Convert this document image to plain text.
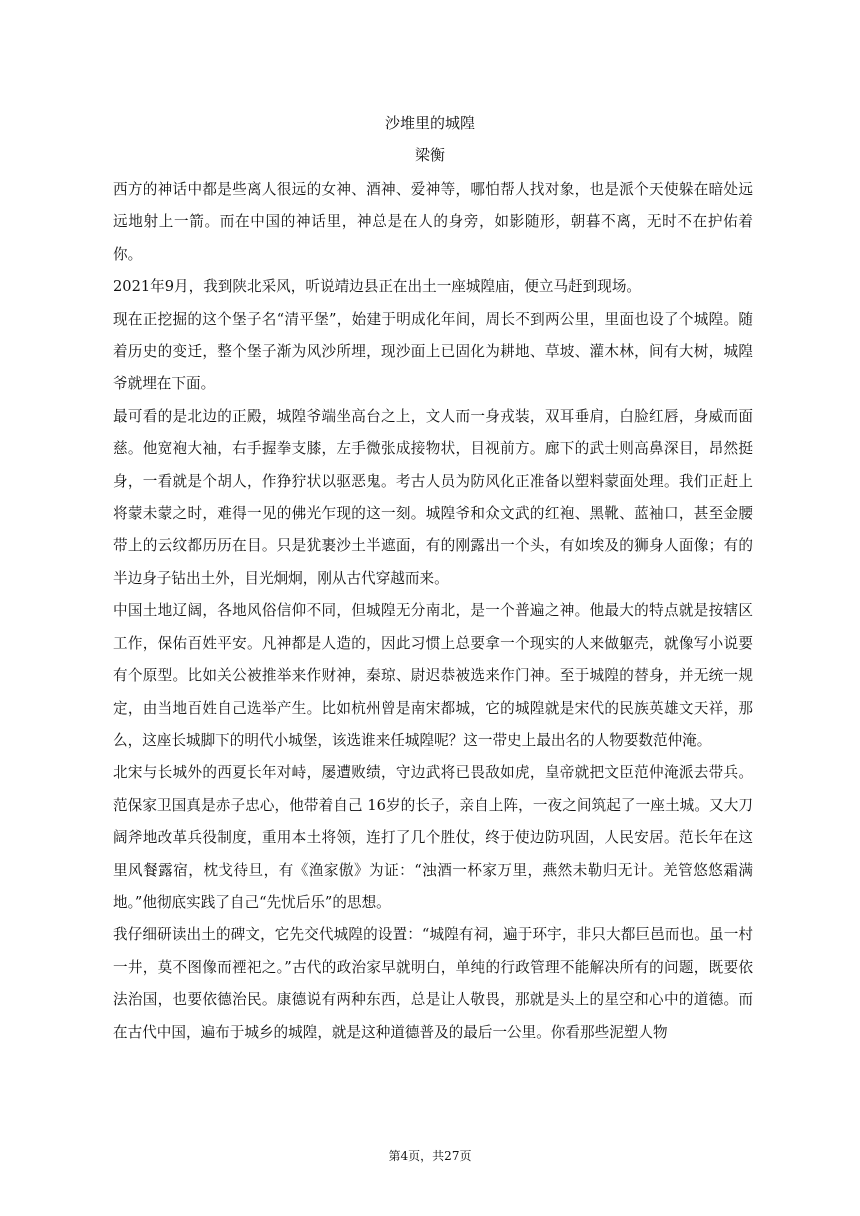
沙堆里的城隍
梁衡

西方的神话中都是些离人很远的女神、酒神、爱神等，哪怕帮人找对象，也是派个天使躲在暗处远远地射上一箭。而在中国的神话里，神总是在人的身旁，如影随形，朝暮不离，无时不在护佑着你。

2021年9月，我到陕北采风，听说靖边县正在出土一座城隍庙，便立马赶到现场。

现在正挖掘的这个堡子名“清平堡”，始建于明成化年间，周长不到两公里，里面也设了个城隍。随着历史的变迁，整个堡子渐为风沙所埋，现沙面上已固化为耕地、草坡、灌木林，间有大树，城隍爷就埋在下面。

最可看的是北边的正殿，城隍爷端坐高台之上，文人而一身戎装，双耳垂肩，白脸红唇，身威而面慈。他宽袍大袖，右手握拳支膝，左手微张成接物状，目视前方。廊下的武士则高鼻深目，昂然挺身，一看就是个胡人，作狰狞状以驱恶鬼。考古人员为防风化正准备以塑料蒙面处理。我们正赶上将蒙未蒙之时，难得一见的佛光乍现的这一刻。城隍爷和众文武的红袍、黑靴、蓝袖口，甚至金腰带上的云纹都历历在目。只是犹裹沙土半遮面，有的刚露出一个头，有如埃及的狮身人面像；有的半边身子钻出土外，目光炯炯，刚从古代穿越而来。

中国土地辽阔，各地风俗信仰不同，但城隍无分南北，是一个普遍之神。他最大的特点就是按辖区工作，保佑百姓平安。凡神都是人造的，因此习惯上总要拿一个现实的人来做躯壳，就像写小说要有个原型。比如关公被推举来作财神，秦琼、尉迟恭被选来作门神。至于城隍的替身，并无统一规定，由当地百姓自己选举产生。比如杭州曾是南宋都城，它的城隍就是宋代的民族英雄文天祥，那么，这座长城脚下的明代小城堡，该选谁来任城隍呢？这一带史上最出名的人物要数范仲淹。

北宋与长城外的西夏长年对峙，屡遭败绩，守边武将已畏敌如虎，皇帝就把文臣范仲淹派去带兵。范保家卫国真是赤子忠心，他带着自己 16岁的长子，亲自上阵，一夜之间筑起了一座土城。又大刀阔斧地改革兵役制度，重用本土将领，连打了几个胜仗，终于使边防巩固，人民安居。范长年在这里风餐露宿，枕戈待旦，有《渔家傲》为证：“浊酒一杯家万里，燕然未勒归无计。羌管悠悠霜满地。”他彻底实践了自己“先忧后乐”的思想。

我仔细研读出土的碑文，它先交代城隍的设置：“城隍有祠，遍于环宇，非只大都巨邑而也。虽一村一井，莫不图像而禋祀之。”古代的政治家早就明白，单纯的行政管理不能解决所有的问题，既要依法治国，也要依德治民。康德说有两种东西，总是让人敬畏，那就是头上的星空和心中的道德。而在古代中国，遍布于城乡的城隍，就是这种道德普及的最后一公里。你看那些泥塑人物

第4页，共27页
